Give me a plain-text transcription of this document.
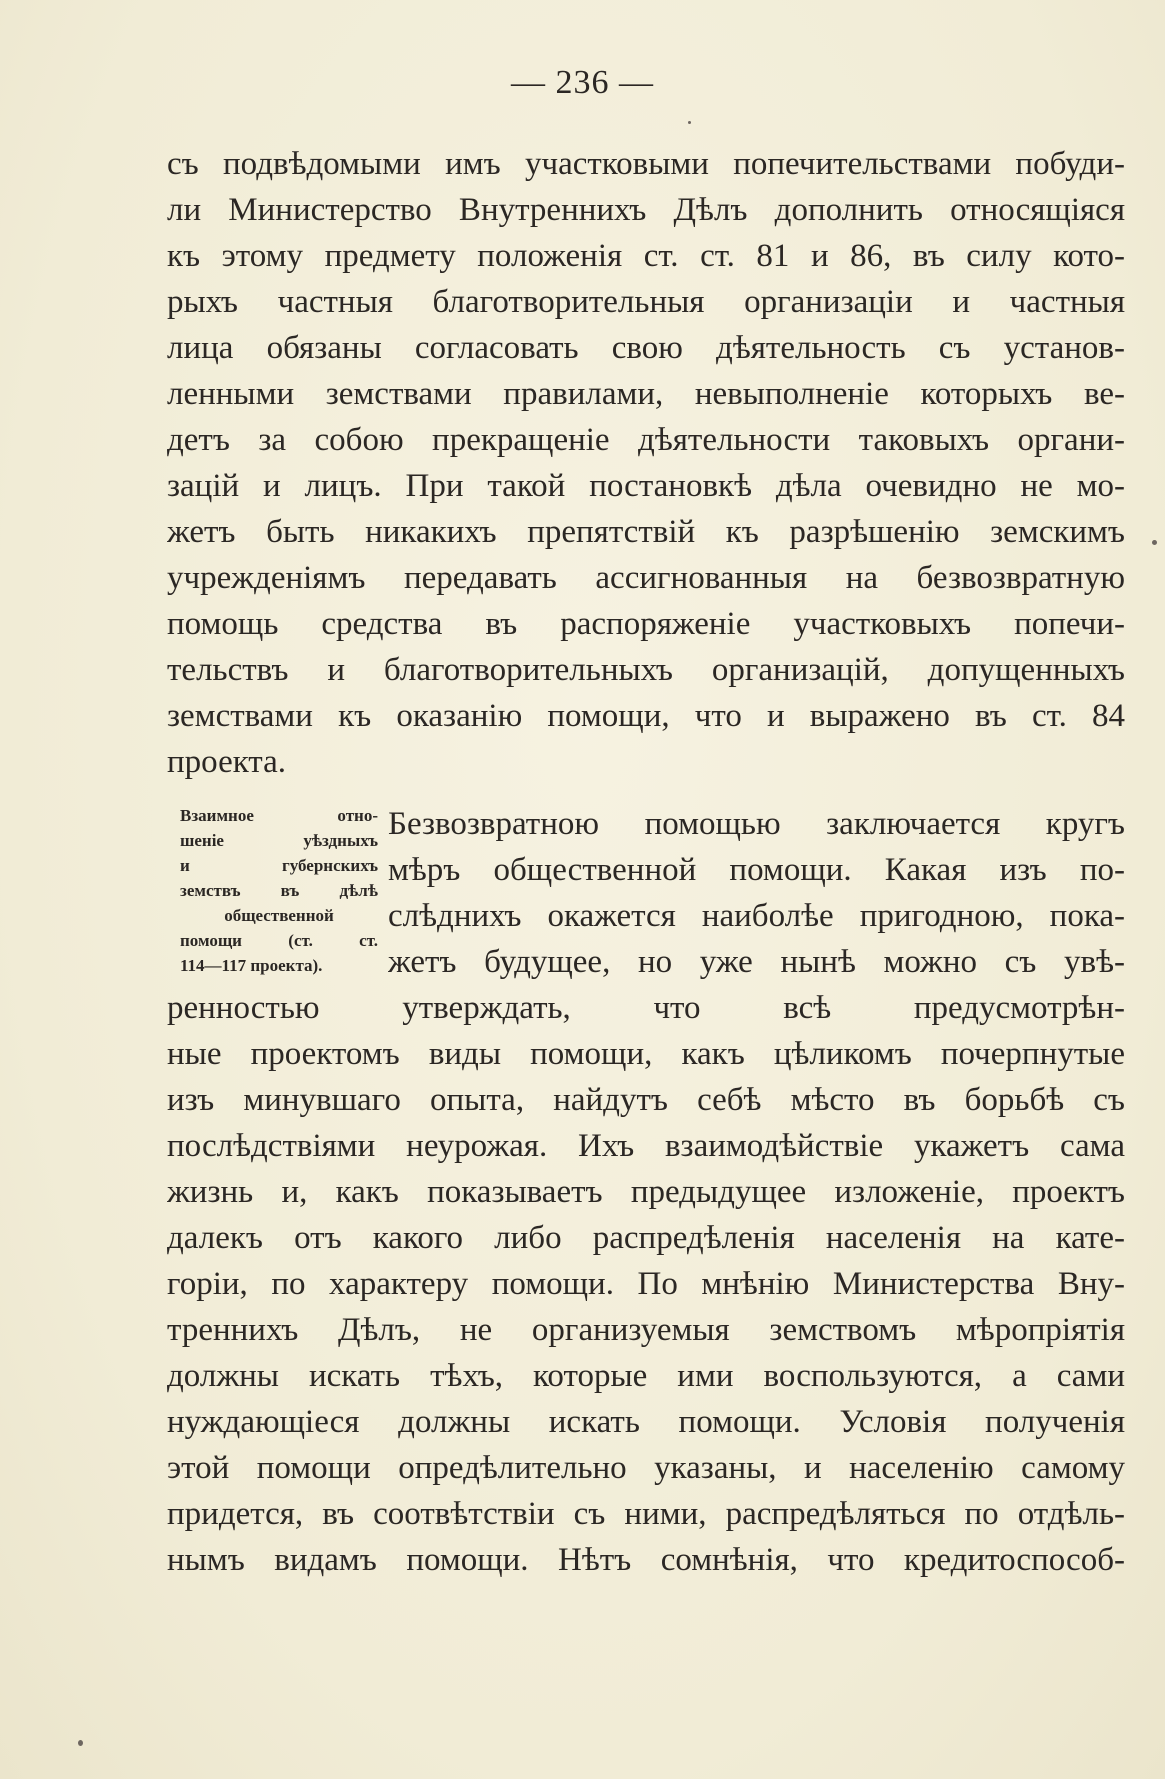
— 236 —
съ подвѣдомыми имъ участковыми попечительствами побуди-
ли Министерство Внутреннихъ Дѣлъ дополнить относящіяся
къ этому предмету положенія ст. ст. 81 и 86, въ силу кото-
рыхъ частныя благотворительныя организаціи и частныя
лица обязаны согласовать свою дѣятельность съ установ-
ленными земствами правилами, невыполненіе которыхъ ве-
детъ за собою прекращеніе дѣятельности таковыхъ органи-
зацій и лицъ. При такой постановкѣ дѣла очевидно не мо-
жетъ быть никакихъ препятствій къ разрѣшенію земскимъ
учрежденіямъ передавать ассигнованныя на безвозвратную
помощь средства въ распоряженіе участковыхъ попечи-
тельствъ и благотворительныхъ организацій, допущенныхъ
земствами къ оказанію помощи, что и выражено въ ст. 84
проекта.
Взаимное отно-
шеніе уѣздныхъ
и губернскихъ
земствъ въ дѣлѣ
общественной
помощи (ст. ст.
114—117 проекта).
Безвозвратною помощью заключается кругъ
мѣръ общественной помощи. Какая изъ по-
слѣднихъ окажется наиболѣе пригодною, пока-
жетъ будущее, но уже нынѣ можно съ увѣ-
ренностью утверждать, что всѣ предусмотрѣн-
ные проектомъ виды помощи, какъ цѣликомъ почерпнутые
изъ минувшаго опыта, найдутъ себѣ мѣсто въ борьбѣ съ
послѣдствіями неурожая. Ихъ взаимодѣйствіе укажетъ сама
жизнь и, какъ показываетъ предыдущее изложеніе, проектъ
далекъ отъ какого либо распредѣленія населенія на кате-
горіи, по характеру помощи. По мнѣнію Министерства Вну-
треннихъ Дѣлъ, не организуемыя земствомъ мѣропріятія
должны искать тѣхъ, которые ими воспользуются, а сами
нуждающіеся должны искать помощи. Условія полученія
этой помощи опредѣлительно указаны, и населенію самому
придется, въ соотвѣтствіи съ ними, распредѣляться по отдѣль-
нымъ видамъ помощи. Нѣтъ сомнѣнія, что кредитоспособ-
